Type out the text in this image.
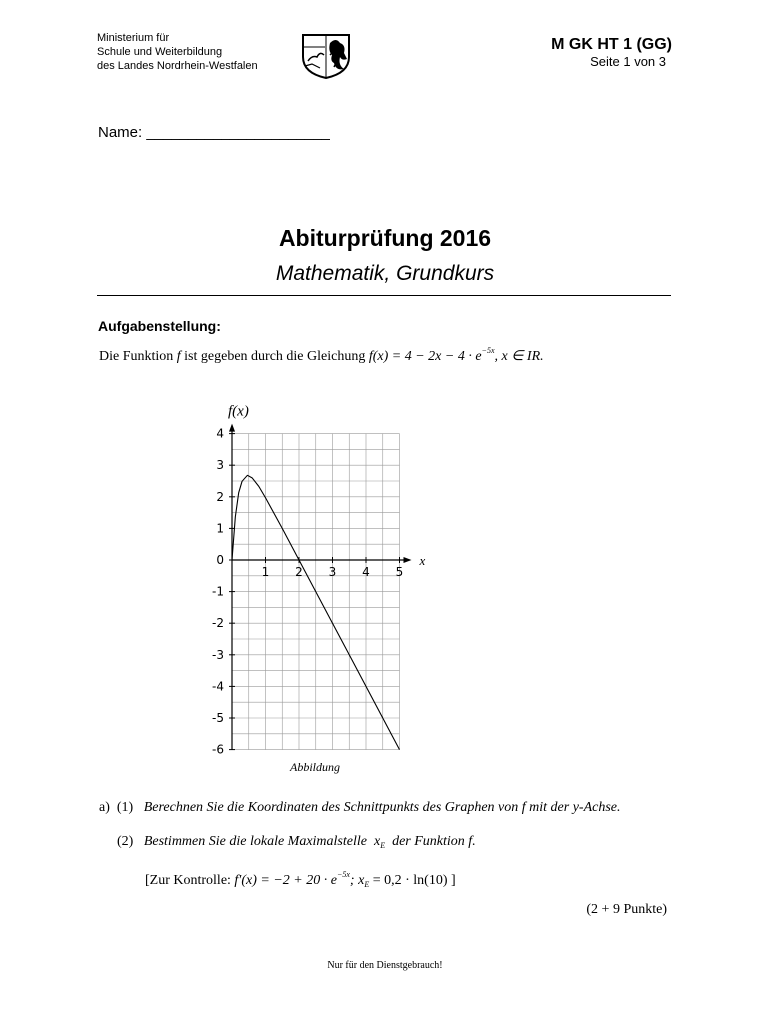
Ministerium für
Schule und Weiterbildung
des Landes Nordrhein-Westfalen
M GK HT 1 (GG)
Seite 1 von 3
Name: ______________________
Abiturprüfung 2016
Mathematik, Grundkurs
Aufgabenstellung:
Die Funktion f ist gegeben durch die Gleichung $f(x) = 4 - 2x - 4 \cdot e^{-5x}$, x ∈ IR.
f(x)
x
4
3
2
1
0
-1
-2
-3
-4
-5
-6
1 2 3 4 5
Abbildung
a) (1) Berechnen Sie die Koordinaten des Schnittpunkts des Graphen von f mit der y-Achse.
(2) Bestimmen Sie die lokale Maximalstelle $x_E$ der Funktion f.
[Zur Kontrolle: $f'(x) = -2 + 20 \cdot e^{-5x}$; $x_E = 0,2 \cdot \ln(10)$ ]
(2 + 9 Punkte)
Nur für den Dienstgebrauch!
